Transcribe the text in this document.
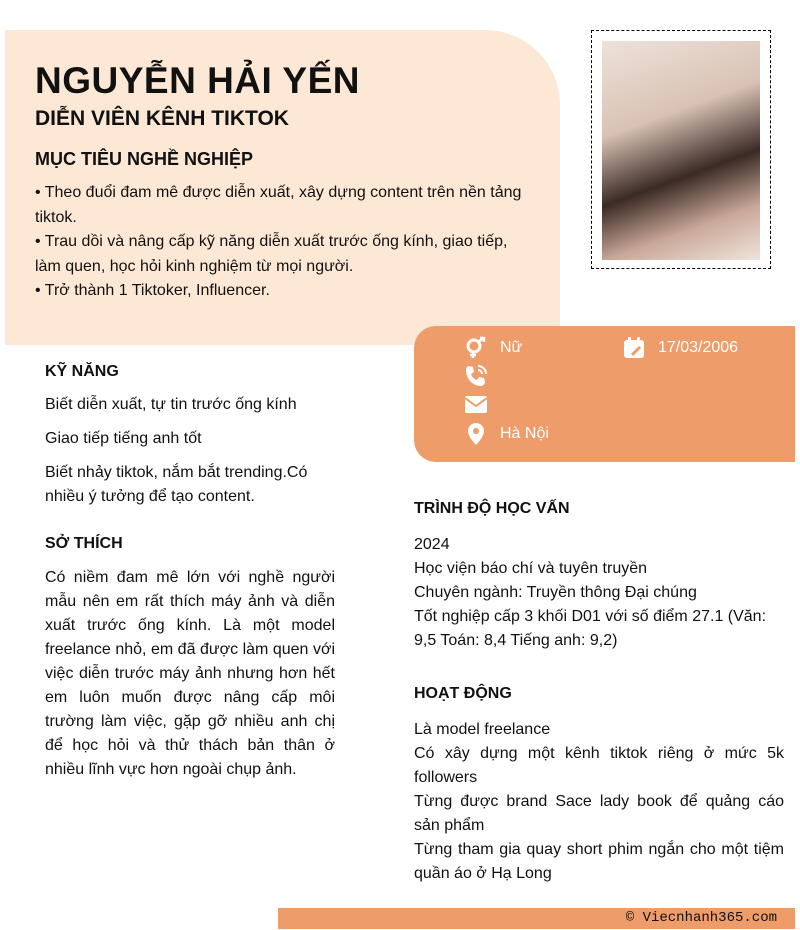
NGUYỄN HẢI YẾN
DIỄN VIÊN KÊNH TIKTOK
MỤC TIÊU NGHỀ NGHIỆP

• Theo đuổi đam mê được diễn xuất, xây dựng content trên nền tảng tiktok.

• Trau dồi và nâng cấp kỹ năng diễn xuất trước ống kính, giao tiếp, làm quen, học hỏi kinh nghiệm từ mọi người.

• Trở thành 1 Tiktoker, Influencer.

Nữ	17/03/2006
Hà Nội
KỸ NĂNG
Biết diễn xuất, tự tin trước ống kính
Giao tiếp tiếng anh tốt
Biết nhảy tiktok, nắm bắt trending.Có nhiều ý tưởng để tạo content.
SỞ THÍCH
Có niềm đam mê lớn với nghề người mẫu nên em rất thích máy ảnh và diễn xuất trước ống kính. Là một model freelance nhỏ, em đã được làm quen với việc diễn trước máy ảnh nhưng hơn hết em luôn muốn được nâng cấp môi trường làm việc, gặp gỡ nhiều anh chị để học hỏi và thử thách bản thân ở nhiều lĩnh vực hơn ngoài chụp ảnh.
TRÌNH ĐỘ HỌC VẤN

2024

Học viện báo chí và tuyên truyền

Chuyên ngành: Truyền thông Đại chúng

Tốt nghiệp cấp 3 khối D01 với số điểm 27.1 (Văn: 9,5 Toán: 8,4 Tiếng anh: 9,2)

HOẠT ĐỘNG

Là model freelance

Có xây dựng một kênh tiktok riêng ở mức 5k followers

Từng được brand Sace lady book để quảng cáo sản phẩm

Từng tham gia quay short phim ngắn cho một tiệm quần áo ở Hạ Long

© Viecnhanh365.com
